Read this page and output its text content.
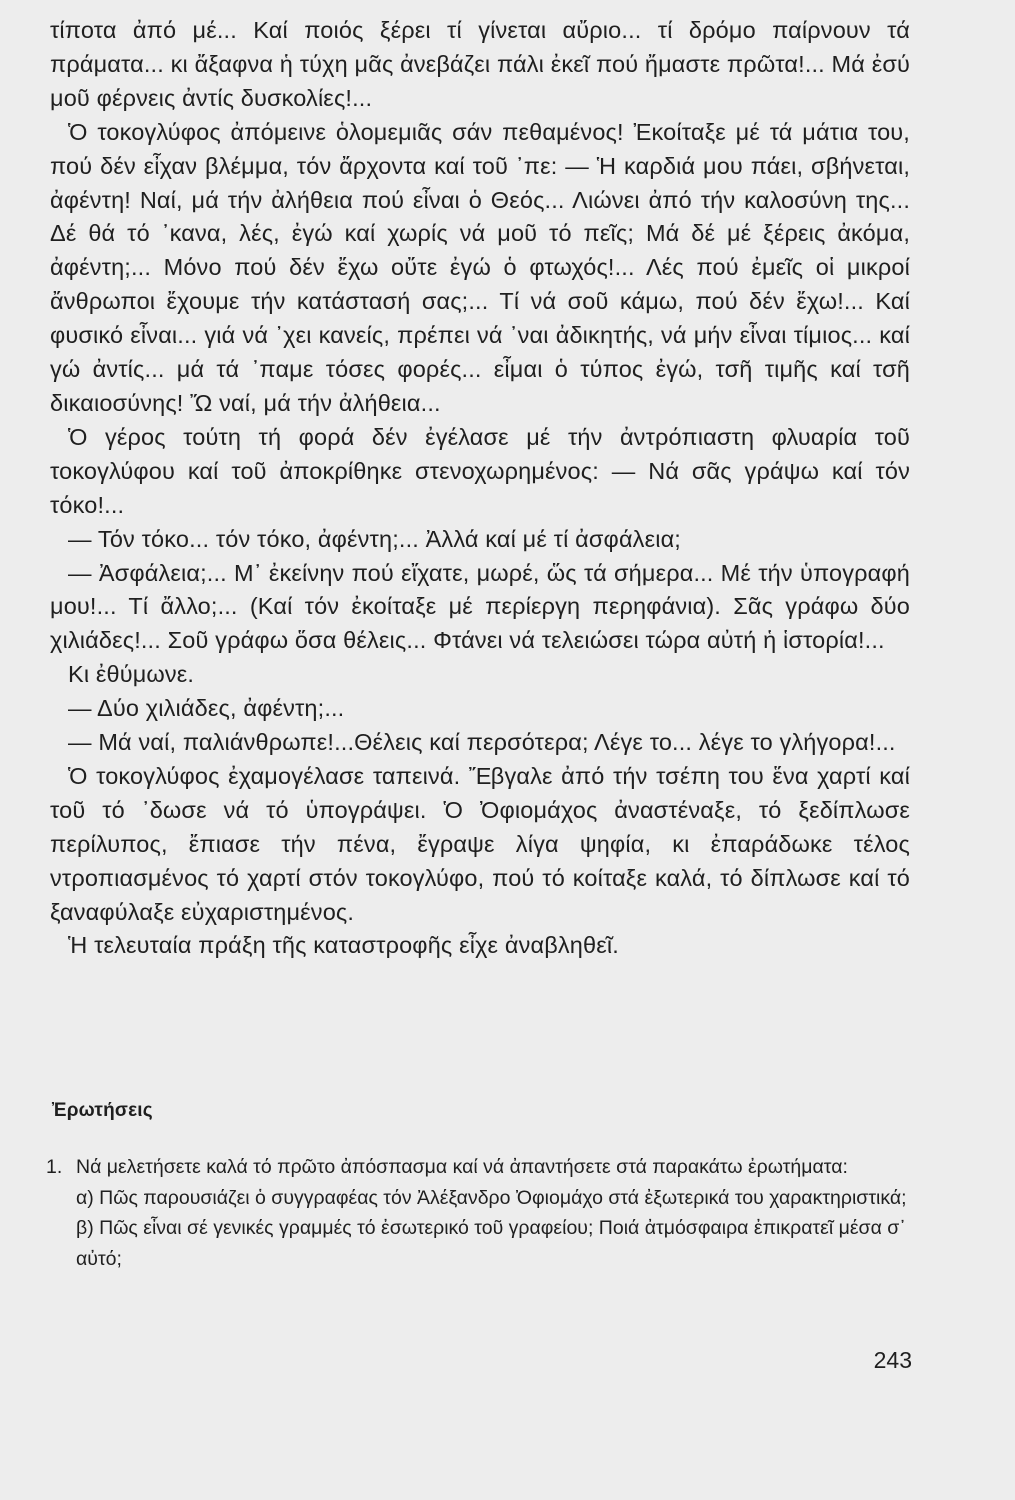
τίποτα ἀπό μέ... Καί ποιός ξέρει τί γίνεται αὔριο... τί δρόμο παίρνουν τά πράματα... κι ἄξαφνα ἡ τύχη μᾶς ἀνεβάζει πάλι ἐκεῖ πού ἤμαστε πρῶτα!... Μά ἐσύ μοῦ φέρνεις ἀντίς δυσκολίες!...

Ὁ τοκογλύφος ἀπόμεινε ὁλομεμιᾶς σάν πεθαμένος! Ἐκοίταξε μέ τά μάτια του, πού δέν εἶχαν βλέμμα, τόν ἄρχοντα καί τοῦ ᾽πε: — Ἡ καρδιά μου πάει, σβήνεται, ἀφέντη! Ναί, μά τήν ἀλήθεια πού εἶναι ὁ Θεός... Λιώνει ἀπό τήν καλοσύνη της... Δέ θά τό ᾽κανα, λές, ἐγώ καί χωρίς νά μοῦ τό πεῖς; Μά δέ μέ ξέρεις ἀκόμα, ἀφέντη;... Μόνο πού δέν ἔχω οὔτε ἐγώ ὁ φτωχός!... Λές πού ἐμεῖς οἱ μικροί ἄνθρωποι ἔχουμε τήν κατάστασή σας;... Τί νά σοῦ κάμω, πού δέν ἔχω!... Καί φυσικό εἶναι... γιά νά ᾽χει κανείς, πρέπει νά ᾽ναι ἀδικητής, νά μήν εἶναι τίμιος... καί γώ ἀντίς... μά τά ᾽παμε τόσες φορές... εἶμαι ὁ τύπος ἐγώ, τσῆ τιμῆς καί τσῆ δικαιοσύνης! Ὤ ναί, μά τήν ἀλήθεια...

Ὁ γέρος τούτη τή φορά δέν ἐγέλασε μέ τήν ἀντρόπιαστη φλυαρία τοῦ τοκογλύφου καί τοῦ ἀποκρίθηκε στενοχωρημένος: — Νά σᾶς γράψω καί τόν τόκο!...

— Τόν τόκο... τόν τόκο, ἀφέντη;... Ἀλλά καί μέ τί ἀσφάλεια;

— Ἀσφάλεια;... Μ᾽ ἐκείνην πού εἴχατε, μωρέ, ὥς τά σήμερα... Μέ τήν ὑπογραφή μου!... Τί ἄλλο;... (Καί τόν ἐκοίταξε μέ περίεργη περηφάνια). Σᾶς γράφω δύο χιλιάδες!... Σοῦ γράφω ὅσα θέλεις... Φτάνει νά τελειώσει τώρα αὐτή ἡ ἱστορία!...

Κι ἐθύμωνε.

— Δύο χιλιάδες, ἀφέντη;...

— Μά ναί, παλιάνθρωπε!...Θέλεις καί περσότερα; Λέγε το... λέγε το γλήγορα!...

Ὁ τοκογλύφος ἐχαμογέλασε ταπεινά. Ἔβγαλε ἀπό τήν τσέπη του ἕνα χαρτί καί τοῦ τό ᾽δωσε νά τό ὑπογράψει. Ὁ Ὀφιομάχος ἀναστέναξε, τό ξεδίπλωσε περίλυπος, ἔπιασε τήν πένα, ἔγραψε λίγα ψηφία, κι ἐπαράδωκε τέλος ντροπιασμένος τό χαρτί στόν τοκογλύφο, πού τό κοίταξε καλά, τό δίπλωσε καί τό ξαναφύλαξε εὐχαριστημένος.

Ἡ τελευταία πράξη τῆς καταστροφῆς εἶχε ἀναβληθεῖ.

Ἐρωτήσεις
1. Νά μελετήσετε καλά τό πρῶτο ἀπόσπασμα καί νά ἀπαντήσετε στά παρακάτω ἐρωτήματα:

α) Πῶς παρουσιάζει ὁ συγγραφέας τόν Ἀλέξανδρο Ὀφιομάχο στά ἐξωτερικά του χαρακτηριστικά;

β) Πῶς εἶναι σέ γενικές γραμμές τό ἐσωτερικό τοῦ γραφείου; Ποιά ἀτμόσφαιρα ἐπικρατεῖ μέσα σ᾽ αὐτό;

243
